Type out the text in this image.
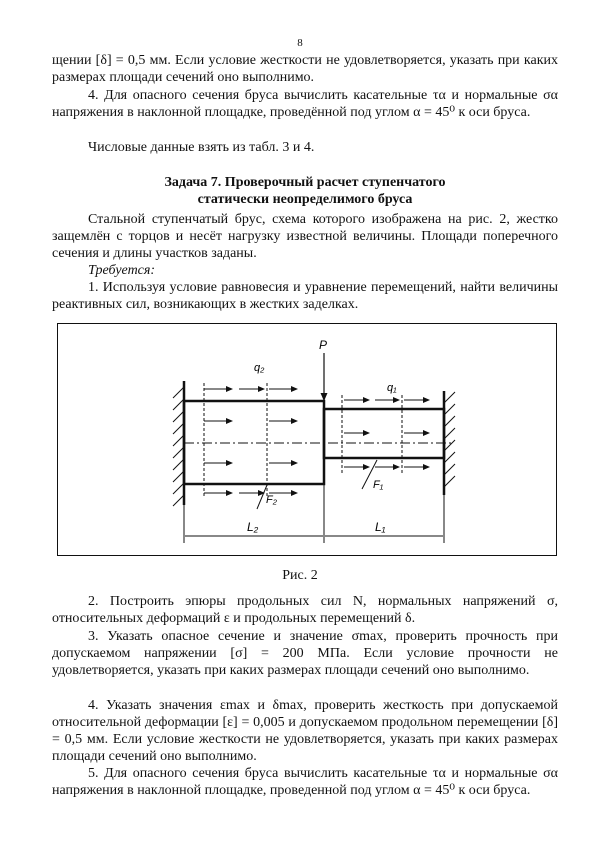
8

щении [δ] = 0,5 мм. Если условие жесткости не удовлетворяется, указать при каких размерах площади сечений оно выполнимо.

4. Для опасного сечения бруса вычислить касательные τα и нормальные σα напряжения в наклонной площадке, проведённой под углом α = 45⁰ к оси бруса.

Числовые данные взять из табл. 3 и 4.

Задача 7. Проверочный расчет ступенчатого

статически неопределимого бруса

Стальной ступенчатый брус, схема которого изображена на рис. 2, жестко защемлён с торцов и несёт нагрузку известной величины. Площади поперечного сечения и длины участков заданы.

Требуется:

1. Используя условие равновесия и уравнение перемещений, найти величины реактивных сил, возникающих в жестких заделках.

P
q₂
q₁
F₂
F₁
L₂	L₁
Рис. 2

2. Построить эпюры продольных сил N, нормальных напряжений σ, относительных деформаций ε и продольных перемещений δ.

3. Указать опасное сечение и значение σmax, проверить прочность при допускаемом напряжении [σ] = 200 МПа. Если условие прочности не удовлетворяется, указать при каких размерах площади сечений оно выполнимо.

4. Указать значения εmax и δmax, проверить жесткость при допускаемой относительной деформации [ε] = 0,005 и допускаемом продольном перемещении [δ] = 0,5 мм. Если условие жесткости не удовлетворяется, указать при каких размерах площади сечений оно выполнимо.

5. Для опасного сечения бруса вычислить касательные τα и нормальные σα напряжения в наклонной площадке, проведенной под углом α = 45⁰ к оси бруса.
